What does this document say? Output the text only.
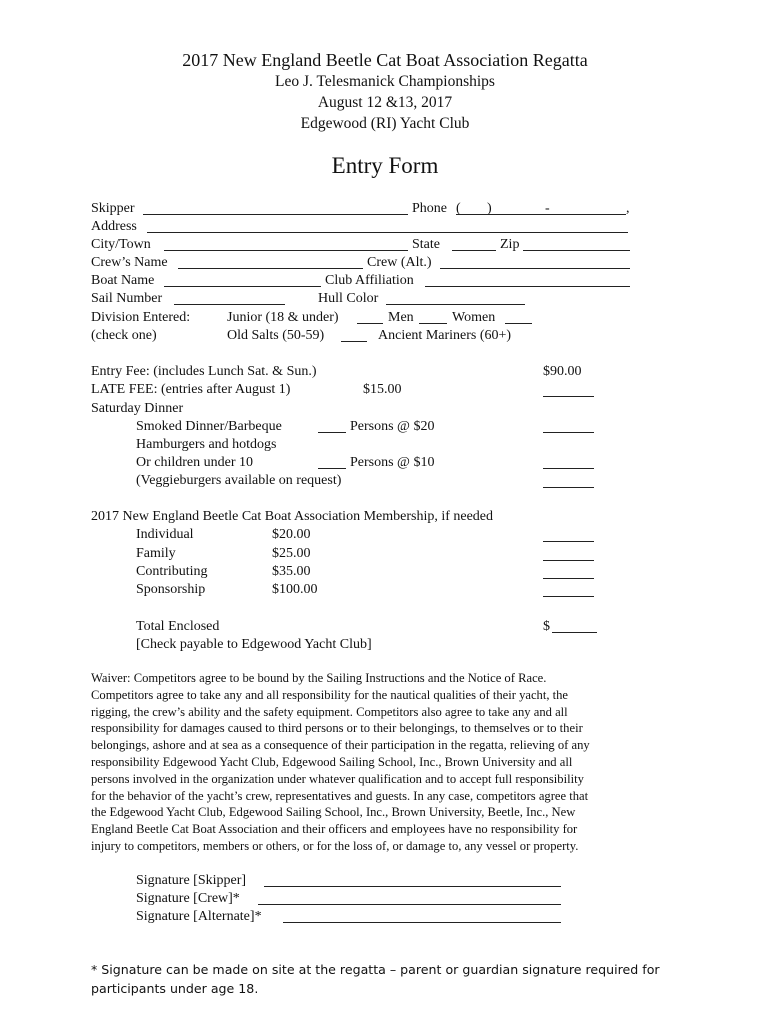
2017 New England Beetle Cat Boat Association Regatta
Leo J. Telesmanick Championships
August 12 &13, 2017
Edgewood (RI) Yacht Club
Entry Form
Skipper	Phone ( )	-	,
Address
City/Town	State	Zip
Crew’s Name	Crew (Alt.)
Boat Name	Club Affiliation
Sail Number	Hull Color
Division Entered:	Junior (18 & under)	Men	Women
(check one)	Old Salts (50-59)	Ancient Mariners (60+)
Entry Fee: (includes Lunch Sat. & Sun.)	$90.00
LATE FEE: (entries after August 1)	$15.00
Saturday Dinner
Smoked Dinner/Barbeque	Persons @ $20
Hamburgers and hotdogs
Or children under 10	Persons @ $10
(Veggieburgers available on request)
2017 New England Beetle Cat Boat Association Membership, if needed
Individual	$20.00
Family	$25.00
Contributing	$35.00
Sponsorship	$100.00
Total Enclosed	$
[Check payable to Edgewood Yacht Club]
Waiver: Competitors agree to be bound by the Sailing Instructions and the Notice of Race.
Competitors agree to take any and all responsibility for the nautical qualities of their yacht, the
rigging, the crew’s ability and the safety equipment. Competitors also agree to take any and all
responsibility for damages caused to third persons or to their belongings, to themselves or to their
belongings, ashore and at sea as a consequence of their participation in the regatta, relieving of any
responsibility Edgewood Yacht Club, Edgewood Sailing School, Inc., Brown University and all
persons involved in the organization under whatever qualification and to accept full responsibility
for the behavior of the yacht’s crew, representatives and guests. In any case, competitors agree that
the Edgewood Yacht Club, Edgewood Sailing School, Inc., Brown University, Beetle, Inc., New
England Beetle Cat Boat Association and their officers and employees have no responsibility for
injury to competitors, members or others, or for the loss of, or damage to, any vessel or property.
Signature [Skipper]
Signature [Crew]*
Signature [Alternate]*
* Signature can be made on site at the regatta – parent or guardian signature required for participants under age 18.
